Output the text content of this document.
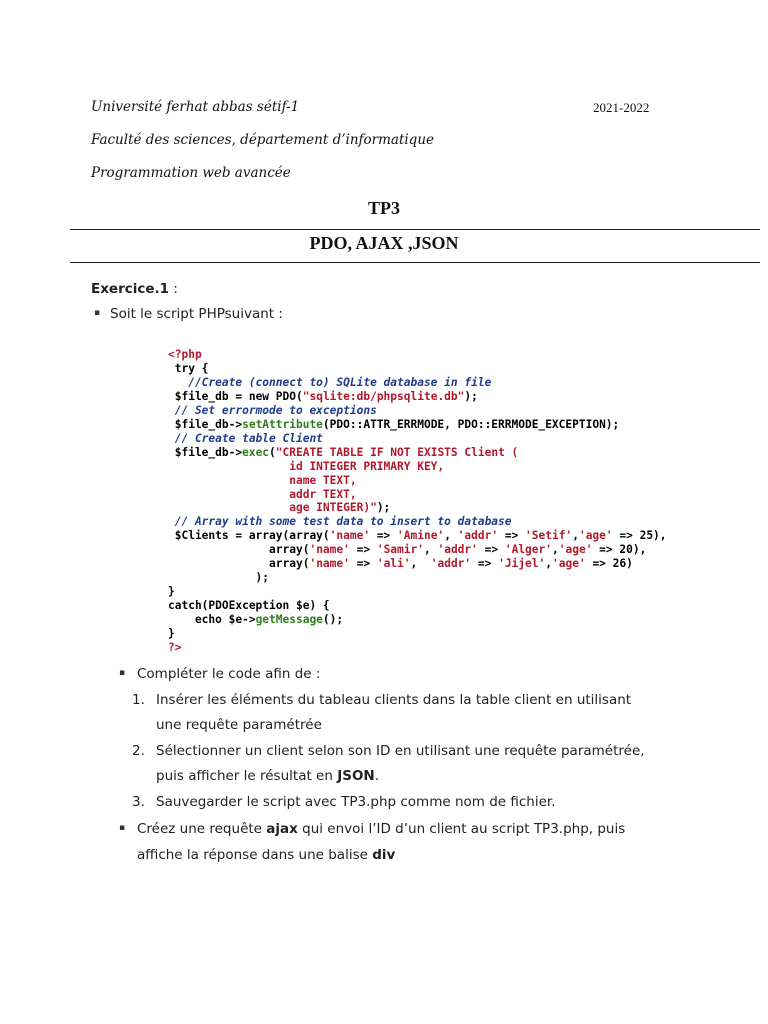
Université ferhat abbas sétif-1	2021-2022
Faculté des sciences, département d’informatique
Programmation web avancée
TP3
PDO, AJAX ,JSON
Exercice.1 :
▪ Soit le script PHPsuivant :
<?php
try {
//Create (connect to) SQLite database in file
$file_db = new PDO("sqlite:db/phpsqlite.db");
// Set errormode to exceptions
$file_db->setAttribute(PDO::ATTR_ERRMODE, PDO::ERRMODE_EXCEPTION);
// Create table Client
$file_db->exec("CREATE TABLE IF NOT EXISTS Client (
id INTEGER PRIMARY KEY,
name TEXT,
addr TEXT,
age INTEGER)");
// Array with some test data to insert to database
$Clients = array(array('name' => 'Amine', 'addr' => 'Setif','age' => 25),
array('name' => 'Samir', 'addr' => 'Alger','age' => 20),
array('name' => 'ali',  'addr' => 'Jijel','age' => 26)
);
}
catch(PDOException $e) {
echo $e->getMessage();
}
?>
▪ Compléter le code afin de :
1. Insérer les éléments du tableau clients dans la table client en utilisant
une requête paramétrée
2. Sélectionner un client selon son ID en utilisant une requête paramétrée,
puis afficher le résultat en JSON.
3. Sauvegarder le script avec TP3.php comme nom de fichier.
▪ Créez une requête ajax qui envoi l’ID d’un client au script TP3.php, puis
affiche la réponse dans une balise div
